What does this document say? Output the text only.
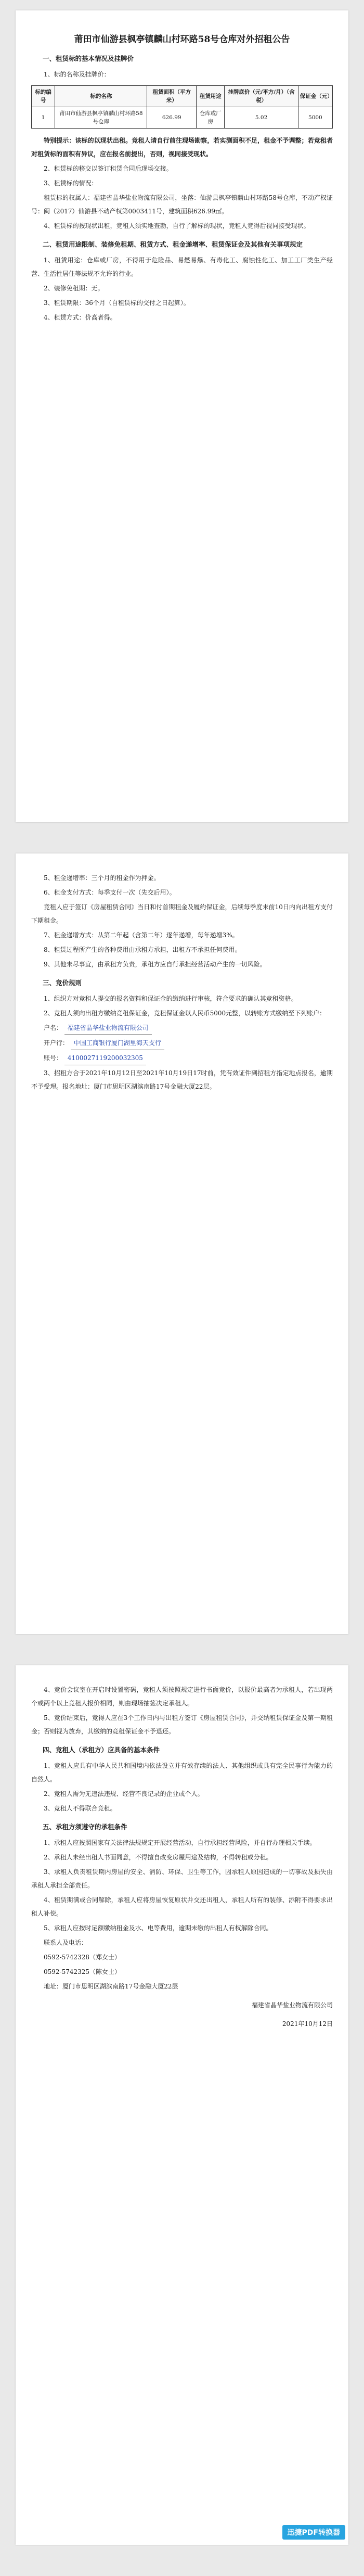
莆田市仙游县枫亭镇麟山村环路58号仓库对外招租公告
一、租赁标的基本情况及挂牌价

1、标的名称及挂牌价：

标的编号	标的名称	租赁面积（平方米）	租赁用途	挂牌底价（元/平方/月）（含税）	保证金（元）
1	莆田市仙游县枫亭镇麟山村环路58号仓库	626.99	仓库或厂房	5.02	5000

特别提示：该标的以现状出租。竞租人请自行前往现场勘察，若实测面积不足，租金不予调整；若竞租者对租赁标的面积有异议，应在报名前提出，否则，视同接受现状。

2、租赁标的移交以签订租赁合同后现场交接。

3、租赁标的情况：

租赁标的权属人：福建省晶华盐业物流有限公司，坐落：仙游县枫亭镇麟山村环路58号仓库，不动产权证号：闽（2017）仙游县不动产权第0003411号，建筑面积626.99㎡。

4、租赁标的按现状出租，竞租人须实地查勘，自行了解标的现状，竞租人竞得后视同接受现状。

二、租赁用途限制、装修免租期、租赁方式、租金递增率、租赁保证金及其他有关事项规定

1、租赁用途：仓库或厂房，不得用于危险品、易燃易爆、有毒化工、腐蚀性化工、加工工厂类生产经营、生活性居住等法规不允许的行业。

2、装修免租期：无。

3、租赁期限：36个月（自租赁标的交付之日起算）。

4、租赁方式：价高者得。

5、租金递增率：三个月的租金作为押金。

6、租金支付方式：每季支付一次（先交后用）。

竞租人应于签订《房屋租赁合同》当日和付首期租金及履约保证金，后续每季度末前10日内向出租方支付下期租金。

7、租金递增方式：从第二年起（含第二年）逐年递增，每年递增3%。

8、租赁过程所产生的各种费用由承租方承担，出租方不承担任何费用。

9、其他未尽事宜，由承租方负责，承租方应自行承担经营活动产生的一切风险。

三、竞价规则

1、组织方对竞租人提交的报名资料和保证金的缴纳进行审核，符合要求的确认其竞租资格。

2、竞租人须向出租方缴纳竞租保证金，竞租保证金以人民币5000元整，以转账方式缴纳至下列账户：

户名： 福建省晶华盐业物流有限公司

开户行： 中国工商银行厦门湖里海天支行

账号： 4100027119200032305

3、招租方合于2021年10月12日至2021年10月19日17时前，凭有效证件到招租方指定地点报名，逾期不予受理。报名地址：厦门市思明区湖滨南路17号金融大厦22层。

4、竞价会议室在开启时设置密码，竞租人须按照规定进行书面竞价，以报价最高者为承租人，若出现两个或两个以上竞租人报价相同，则由现场抽签决定承租人。

5、竞价结束后，竞得人应在3个工作日内与出租方签订《房屋租赁合同》，并交纳租赁保证金及第一期租金；否则视为放弃，其缴纳的竞租保证金不予退还。

四、竞租人（承租方）应具备的基本条件

1、竞租人应具有中华人民共和国境内依法设立并有效存续的法人、其他组织或具有完全民事行为能力的自然人。

2、竞租人需为无违法违规、经营不良记录的企业或个人。

3、竞租人不得联合竞租。

五、承租方须遵守的承租条件

1、承租人应按照国家有关法律法规规定开展经营活动，自行承担经营风险，并自行办理相关手续。

2、承租人未经出租人书面同意，不得擅自改变房屋用途及结构，不得转租或分租。

3、承租人负责租赁期内房屋的安全、消防、环保、卫生等工作，因承租人原因造成的一切事故及损失由承租人承担全部责任。

4、租赁期满或合同解除，承租人应将房屋恢复原状并交还出租人，承租人所有的装修、添附不得要求出租人补偿。

5、承租人应按时足额缴纳租金及水、电等费用，逾期未缴的出租人有权解除合同。

联系人及电话：

0592-5742328（郑女士）

0592-5742325（陈女士）

地址：厦门市思明区湖滨南路17号金融大厦22层

福建省晶华盐业物流有限公司

2021年10月12日

迅捷PDF转换器
